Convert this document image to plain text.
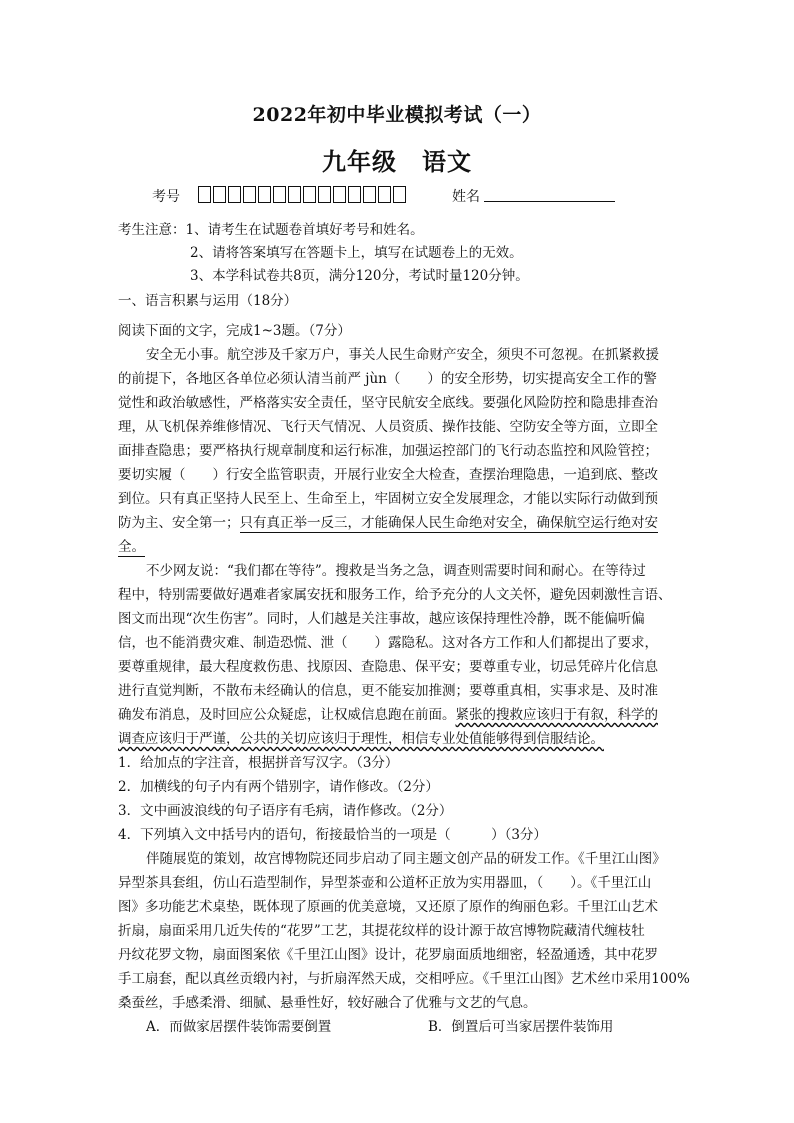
2022年初中毕业模拟考试（一）
九年级　语文
考号	姓名
考生注意：1、请考生在试题卷首填好考号和姓名。
2、请将答案填写在答题卡上，填写在试题卷上的无效。
3、本学科试卷共8页，满分120分，考试时量120分钟。
一、语言积累与运用（18分）
阅读下面的文字，完成1~3题。（7分）
安全无小事。航空涉及千家万户，事关人民生命财产安全，须臾不可忽视。在抓紧救援
的前提下，各地区各单位必须认清当前严 jùn（　　）的安全形势，切实提高安全工作的警
觉性和政治敏感性，严格落实安全责任，坚守民航安全底线。要强化风险防控和隐患排查治
理，从飞机保养维修情况、飞行天气情况、人员资质、操作技能、空防安全等方面，立即全
面排查隐患；要严格执行规章制度和运行标准，加强运控部门的飞行动态监控和风险管控；
要切实履（　　）行安全监管职责，开展行业安全大检查，查摆治理隐患，一追到底、整改
到位。只有真正坚持人民至上、生命至上，牢固树立安全发展理念，才能以实际行动做到预
防为主、安全第一；只有真正举一反三，才能确保人民生命绝对安全，确保航空运行绝对安
全。
不少网友说：“我们都在等待”。搜救是当务之急，调查则需要时间和耐心。在等待过
程中，特别需要做好遇难者家属安抚和服务工作，给予充分的人文关怀，避免因刺激性言语、
图文而出现“次生伤害”。同时，人们越是关注事故，越应该保持理性冷静，既不能偏听偏
信，也不能消费灾难、制造恐慌、泄（　　）露隐私。这对各方工作和人们都提出了要求，
要尊重规律，最大程度救伤患、找原因、查隐患、保平安；要尊重专业，切忌凭碎片化信息
进行直觉判断，不散布未经确认的信息，更不能妄加推测；要尊重真相，实事求是、及时准
确发布消息，及时回应公众疑虑，让权威信息跑在前面。紧张的搜救应该归于有叙，科学的
调查应该归于严谨，公共的关切应该归于理性，相信专业处值能够得到信服结论。
1．给加点的字注音，根据拼音写汉字。（3分）
2．加横线的句子内有两个错别字，请作修改。（2分）
3．文中画波浪线的句子语序有毛病，请作修改。（2分）
4．下列填入文中括号内的语句，衔接最恰当的一项是（　　　）（3分）
伴随展览的策划，故宫博物院还同步启动了同主题文创产品的研发工作。《千里江山图》
异型茶具套组，仿山石造型制作，异型茶壶和公道杯正放为实用器皿，（　　）。《千里江山
图》多功能艺术桌垫，既体现了原画的优美意境，又还原了原作的绚丽色彩。千里江山艺术
折扇，扇面采用几近失传的“花罗”工艺，其提花纹样的设计源于故宫博物院藏清代缠枝牡
丹纹花罗文物，扇面图案依《千里江山图》设计，花罗扇面质地细密，轻盈通透，其中花罗
手工扇套，配以真丝贡缎内衬，与折扇浑然天成，交相呼应。《千里江山图》艺术丝巾采用100%
桑蚕丝，手感柔滑、细腻、悬垂性好，较好融合了优雅与文艺的气息。
A．而做家居摆件装饰需要倒置	B．倒置后可当家居摆件装饰用
